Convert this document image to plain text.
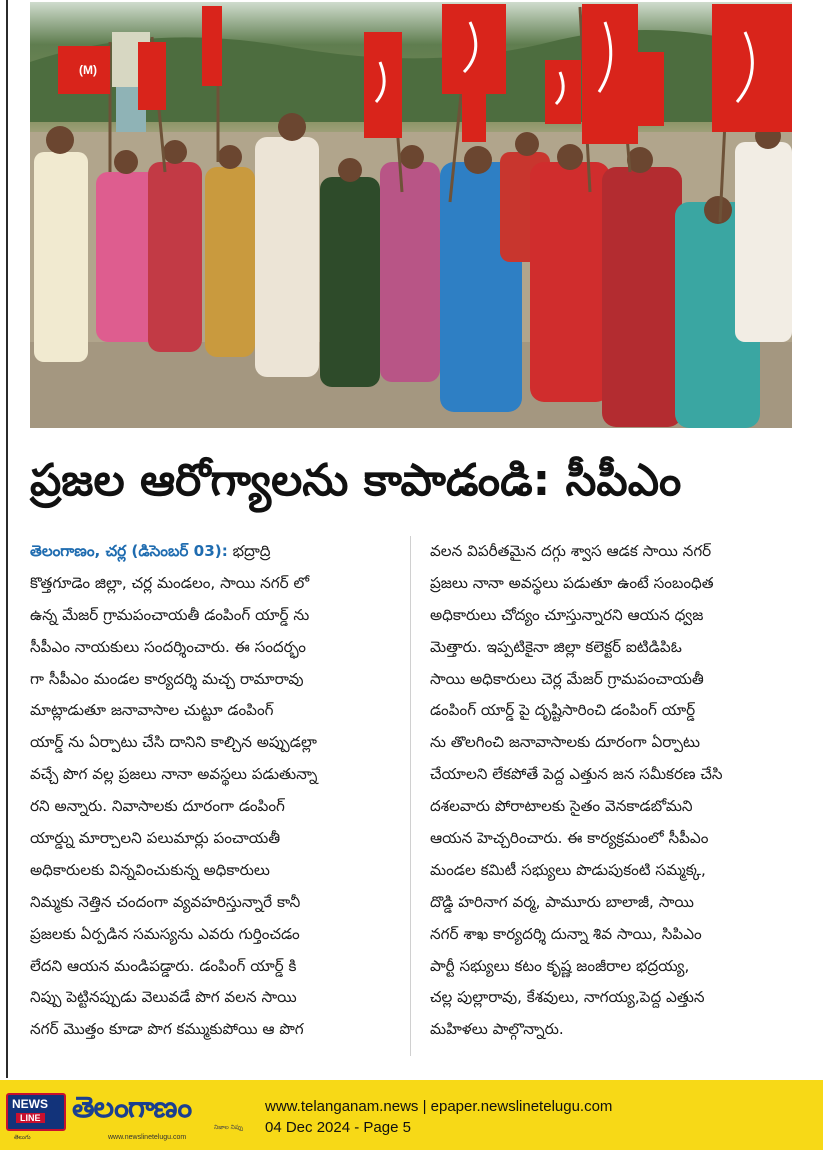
(M)
ప్రజల ఆరోగ్యాలను కాపాడండి: సీపీఎం
తెలంగాణం, చర్ల (డిసెంబర్ 03): భద్రాద్రి
కొత్తగూడెం జిల్లా, చర్ల మండలం, సాయి నగర్ లో
ఉన్న మేజర్ గ్రామపంచాయతీ డంపింగ్ యార్డ్ ను
సీపీఎం నాయకులు సందర్శించారు. ఈ సందర్భం
గా సీపీఎం మండల కార్యదర్శి మచ్చ రామారావు
మాట్లాడుతూ జనావాసాల చుట్టూ డంపింగ్
యార్డ్ ను ఏర్పాటు చేసి దానిని కాల్చిన అప్పుడల్లా
వచ్చే పొగ వల్ల ప్రజలు నానా అవస్థలు పడుతున్నా
రని అన్నారు. నివాసాలకు దూరంగా డంపింగ్
యార్డ్ను మార్చాలని పలుమార్లు పంచాయతీ
అధికారులకు విన్నవించుకున్న అధికారులు
నిమ్మకు నెత్తిన చందంగా వ్యవహరిస్తున్నారే కానీ
ప్రజలకు ఏర్పడిన సమస్యను ఎవరు గుర్తించడం
లేదని ఆయన మండిపడ్డారు. డంపింగ్ యార్డ్ కి
నిప్పు పెట్టినప్పుడు వెలువడే పొగ వలన సాయి
నగర్ మొత్తం కూడా పొగ కమ్ముకుపోయి ఆ పొగ
వలన విపరీతమైన దగ్గు శ్వాస ఆడక సాయి నగర్
ప్రజలు నానా అవస్థలు పడుతూ ఉంటే సంబంధిత
అధికారులు చోద్యం చూస్తున్నారని ఆయన ధ్వజ
మెత్తారు. ఇప్పటికైనా జిల్లా కలెక్టర్ ఐటిడిపిఓ
సాయి అధికారులు చెర్ల మేజర్ గ్రామపంచాయతీ
డంపింగ్ యార్డ్ పై దృష్టిసారించి డంపింగ్ యార్డ్
ను తొలగించి జనావాసాలకు దూరంగా ఏర్పాటు
చేయాలని లేకపోతే పెద్ద ఎత్తున జన సమీకరణ చేసి
దశలవారు పోరాటాలకు సైతం వెనకాడబోమని
ఆయన హెచ్చరించారు. ఈ కార్యక్రమంలో సీపీఎం
మండల కమిటీ సభ్యులు పొడుపుకంటి సమ్మక్క,
దొడ్డి హరినాగ వర్మ, పామూరు బాలాజీ, సాయి
నగర్ శాఖ కార్యదర్శి దున్నా శివ సాయి, సిపిఎం
పార్టీ సభ్యులు కటం కృష్ణ జంజీరాల భద్రయ్య,
చల్ల పుల్లారావు, కేశవులు, నాగయ్య,పెద్ద ఎత్తున
మహిళలు పాల్గొన్నారు.
NEWS
LINE
తెలుగు
తెలంగాణం
నిజాల నిప్పు
www.newslinetelugu.com
www.telanganam.news | epaper.newslinetelugu.com
04 Dec 2024 - Page 5
